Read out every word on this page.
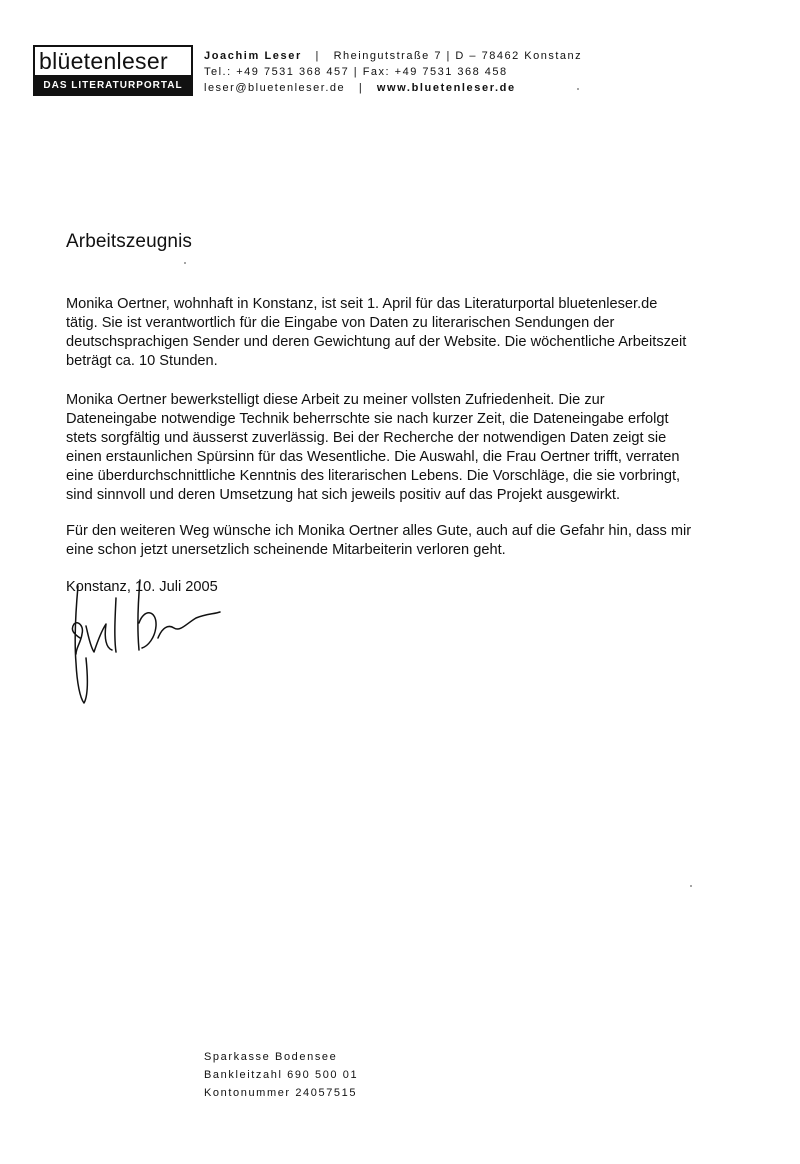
blüetenleser
DAS LITERATURPORTAL
Joachim Leser | Rheingutstraße 7 | D – 78462 Konstanz
Tel.: +49 7531 368 457 | Fax: +49 7531 368 458
leser@bluetenleser.de | www.bluetenleser.de
Arbeitszeugnis

Monika Oertner, wohnhaft in Konstanz, ist seit 1. April für das Literaturportal bluetenleser.de

tätig. Sie ist verantwortlich für die Eingabe von Daten zu literarischen Sendungen der

deutschsprachigen Sender und deren Gewichtung auf der Website. Die wöchentliche Arbeitszeit

beträgt ca. 10 Stunden.

Monika Oertner bewerkstelligt diese Arbeit zu meiner vollsten Zufriedenheit. Die zur

Dateneingabe notwendige Technik beherrschte sie nach kurzer Zeit, die Dateneingabe erfolgt

stets sorgfältig und äusserst zuverlässig. Bei der Recherche der notwendigen Daten zeigt sie

einen erstaunlichen Spürsinn für das Wesentliche. Die Auswahl, die Frau Oertner trifft, verraten

eine überdurchschnittliche Kenntnis des literarischen Lebens. Die Vorschläge, die sie vorbringt,

sind sinnvoll und deren Umsetzung hat sich jeweils positiv auf das Projekt ausgewirkt.

Für den weiteren Weg wünsche ich Monika Oertner alles Gute, auch auf die Gefahr hin, dass mir

eine schon jetzt unersetzlich scheinende Mitarbeiterin verloren geht.

Konstanz, 10. Juli 2005
Sparkasse Bodensee
Bankleitzahl 690 500 01
Kontonummer 24057515
